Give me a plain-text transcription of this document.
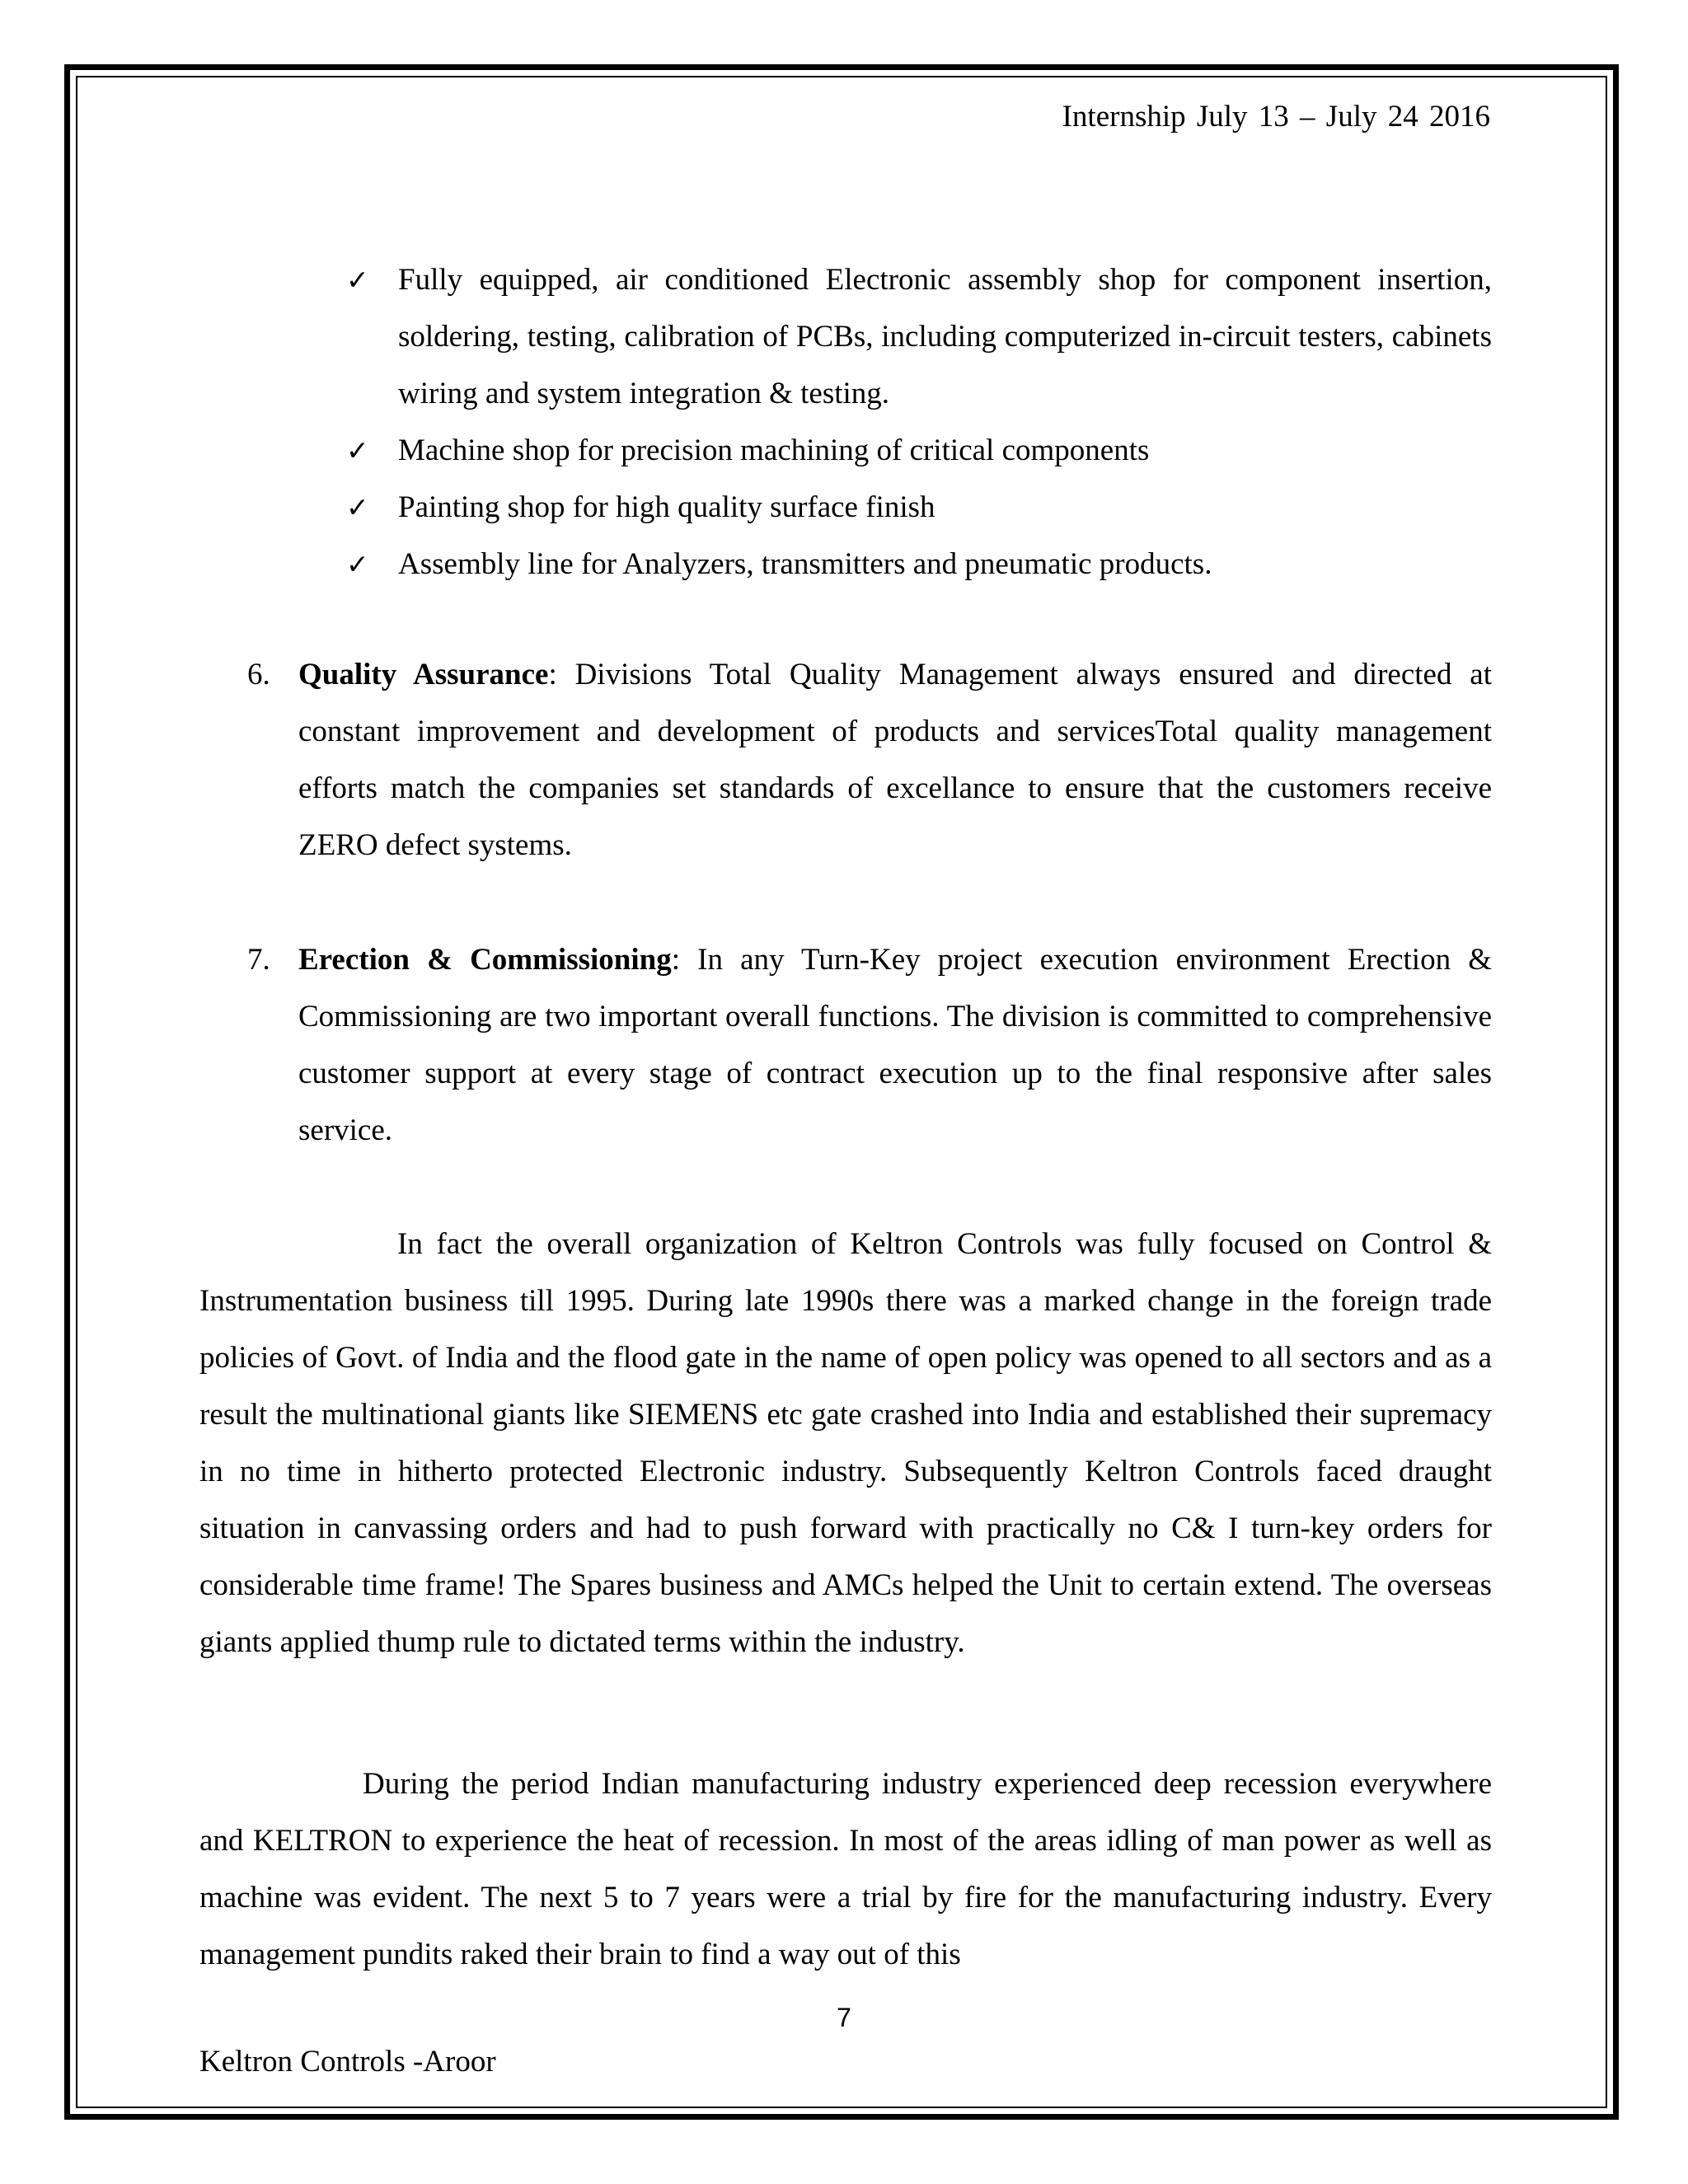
Internship July 13 – July 24 2016
✓ Fully equipped, air conditioned Electronic assembly shop for component insertion, soldering, testing, calibration of PCBs, including computerized in-circuit testers, cabinets wiring and system integration & testing.
✓ Machine shop for precision machining of critical components
✓ Painting shop for high quality surface finish
✓ Assembly line for Analyzers, transmitters and pneumatic products.
6. Quality Assurance: Divisions Total Quality Management always ensured and directed at constant improvement and development of products and servicesTotal quality management efforts match the companies set standards of excellance to ensure that the customers receive ZERO defect systems.
7. Erection & Commissioning: In any Turn-Key project execution environment Erection & Commissioning are two important overall functions. The division is committed to comprehensive customer support at every stage of contract execution up to the final responsive after sales service.

In fact the overall organization of Keltron Controls was fully focused on Control & Instrumentation business till 1995. During late 1990s there was a marked change in the foreign trade policies of Govt. of India and the flood gate in the name of open policy was opened to all sectors and as a result the multinational giants like SIEMENS etc gate crashed into India and established their supremacy in no time in hitherto protected Electronic industry. Subsequently Keltron Controls faced draught situation in canvassing orders and had to push forward with practically no C& I turn-key orders for considerable time frame! The Spares business and AMCs helped the Unit to certain extend. The overseas giants applied thump rule to dictated terms within the industry.

During the period Indian manufacturing industry experienced deep recession everywhere and KELTRON to experience the heat of recession. In most of the areas idling of man power as well as machine was evident. The next 5 to 7 years were a trial by fire for the manufacturing industry. Every management pundits raked their brain to find a way out of this

7
Keltron Controls -Aroor
